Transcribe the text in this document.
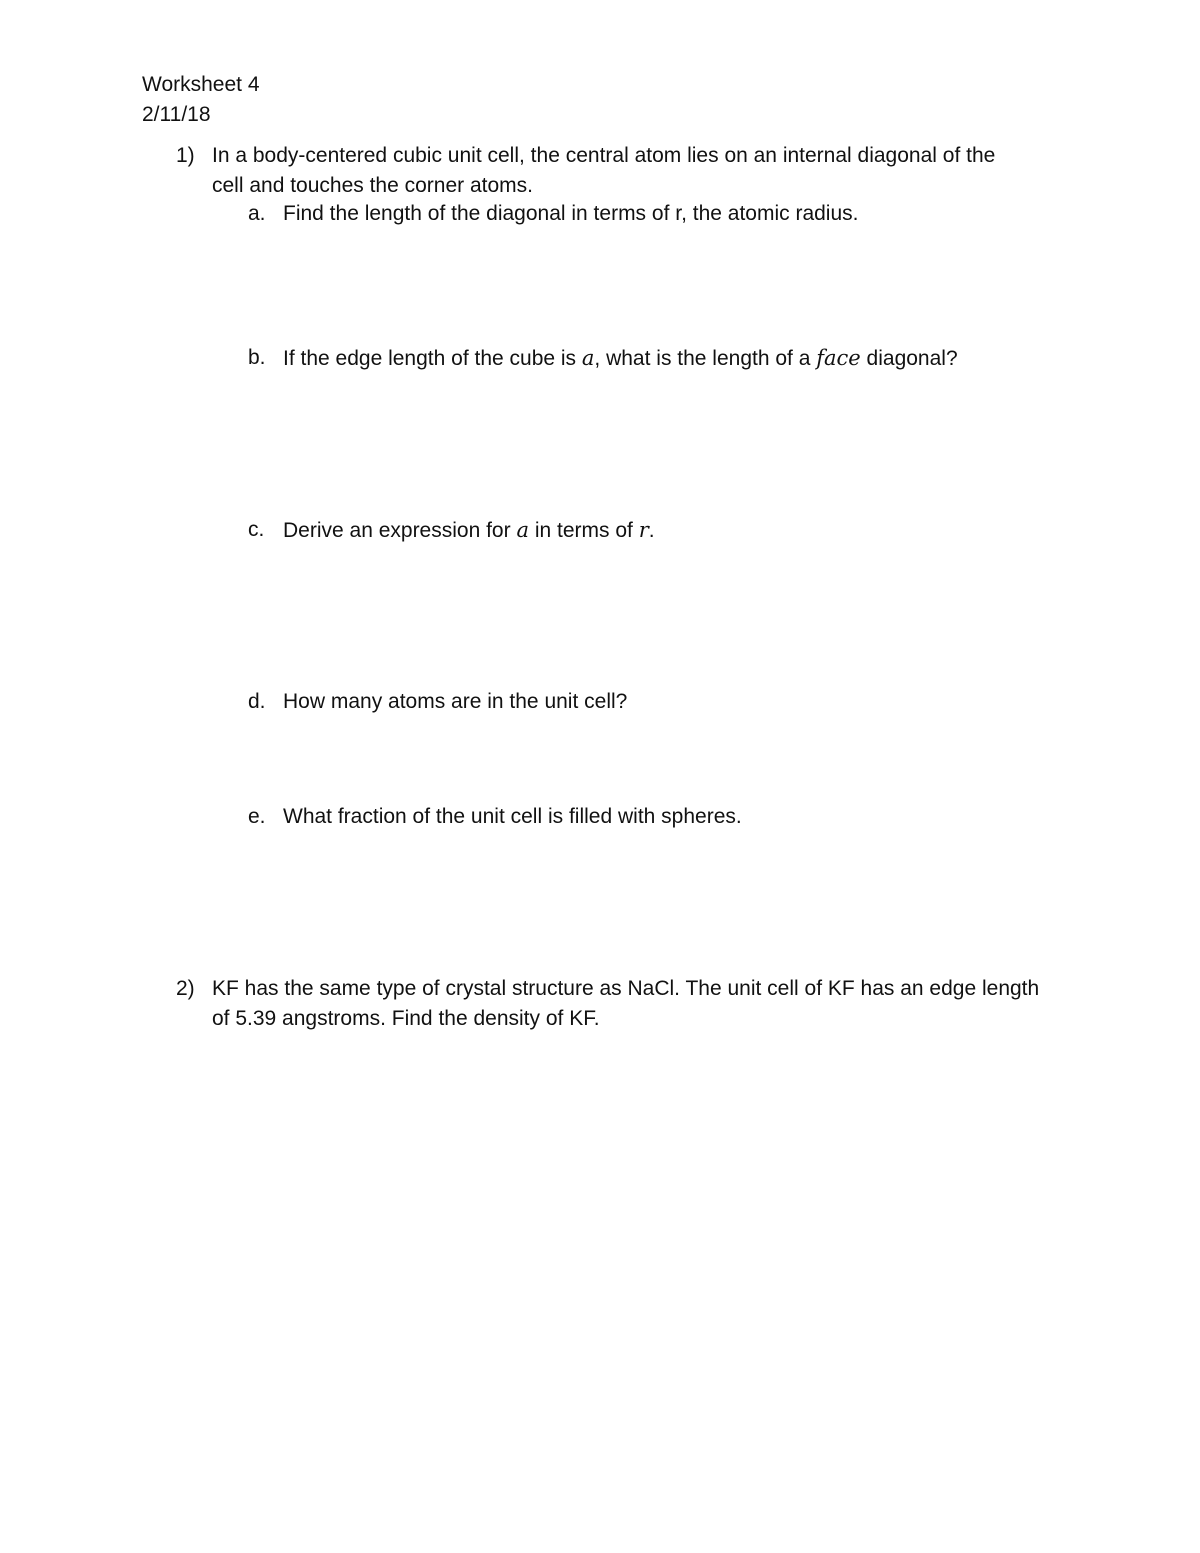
Worksheet 4
2/11/18
1) In a body-centered cubic unit cell, the central atom lies on an internal diagonal of the
cell and touches the corner atoms.
a. Find the length of the diagonal in terms of r, the atomic radius.
b. If the edge length of the cube is a, what is the length of a face diagonal?
c. Derive an expression for a in terms of r.
d. How many atoms are in the unit cell?
e. What fraction of the unit cell is filled with spheres.
2) KF has the same type of crystal structure as NaCl. The unit cell of KF has an edge length
of 5.39 angstroms. Find the density of KF.
